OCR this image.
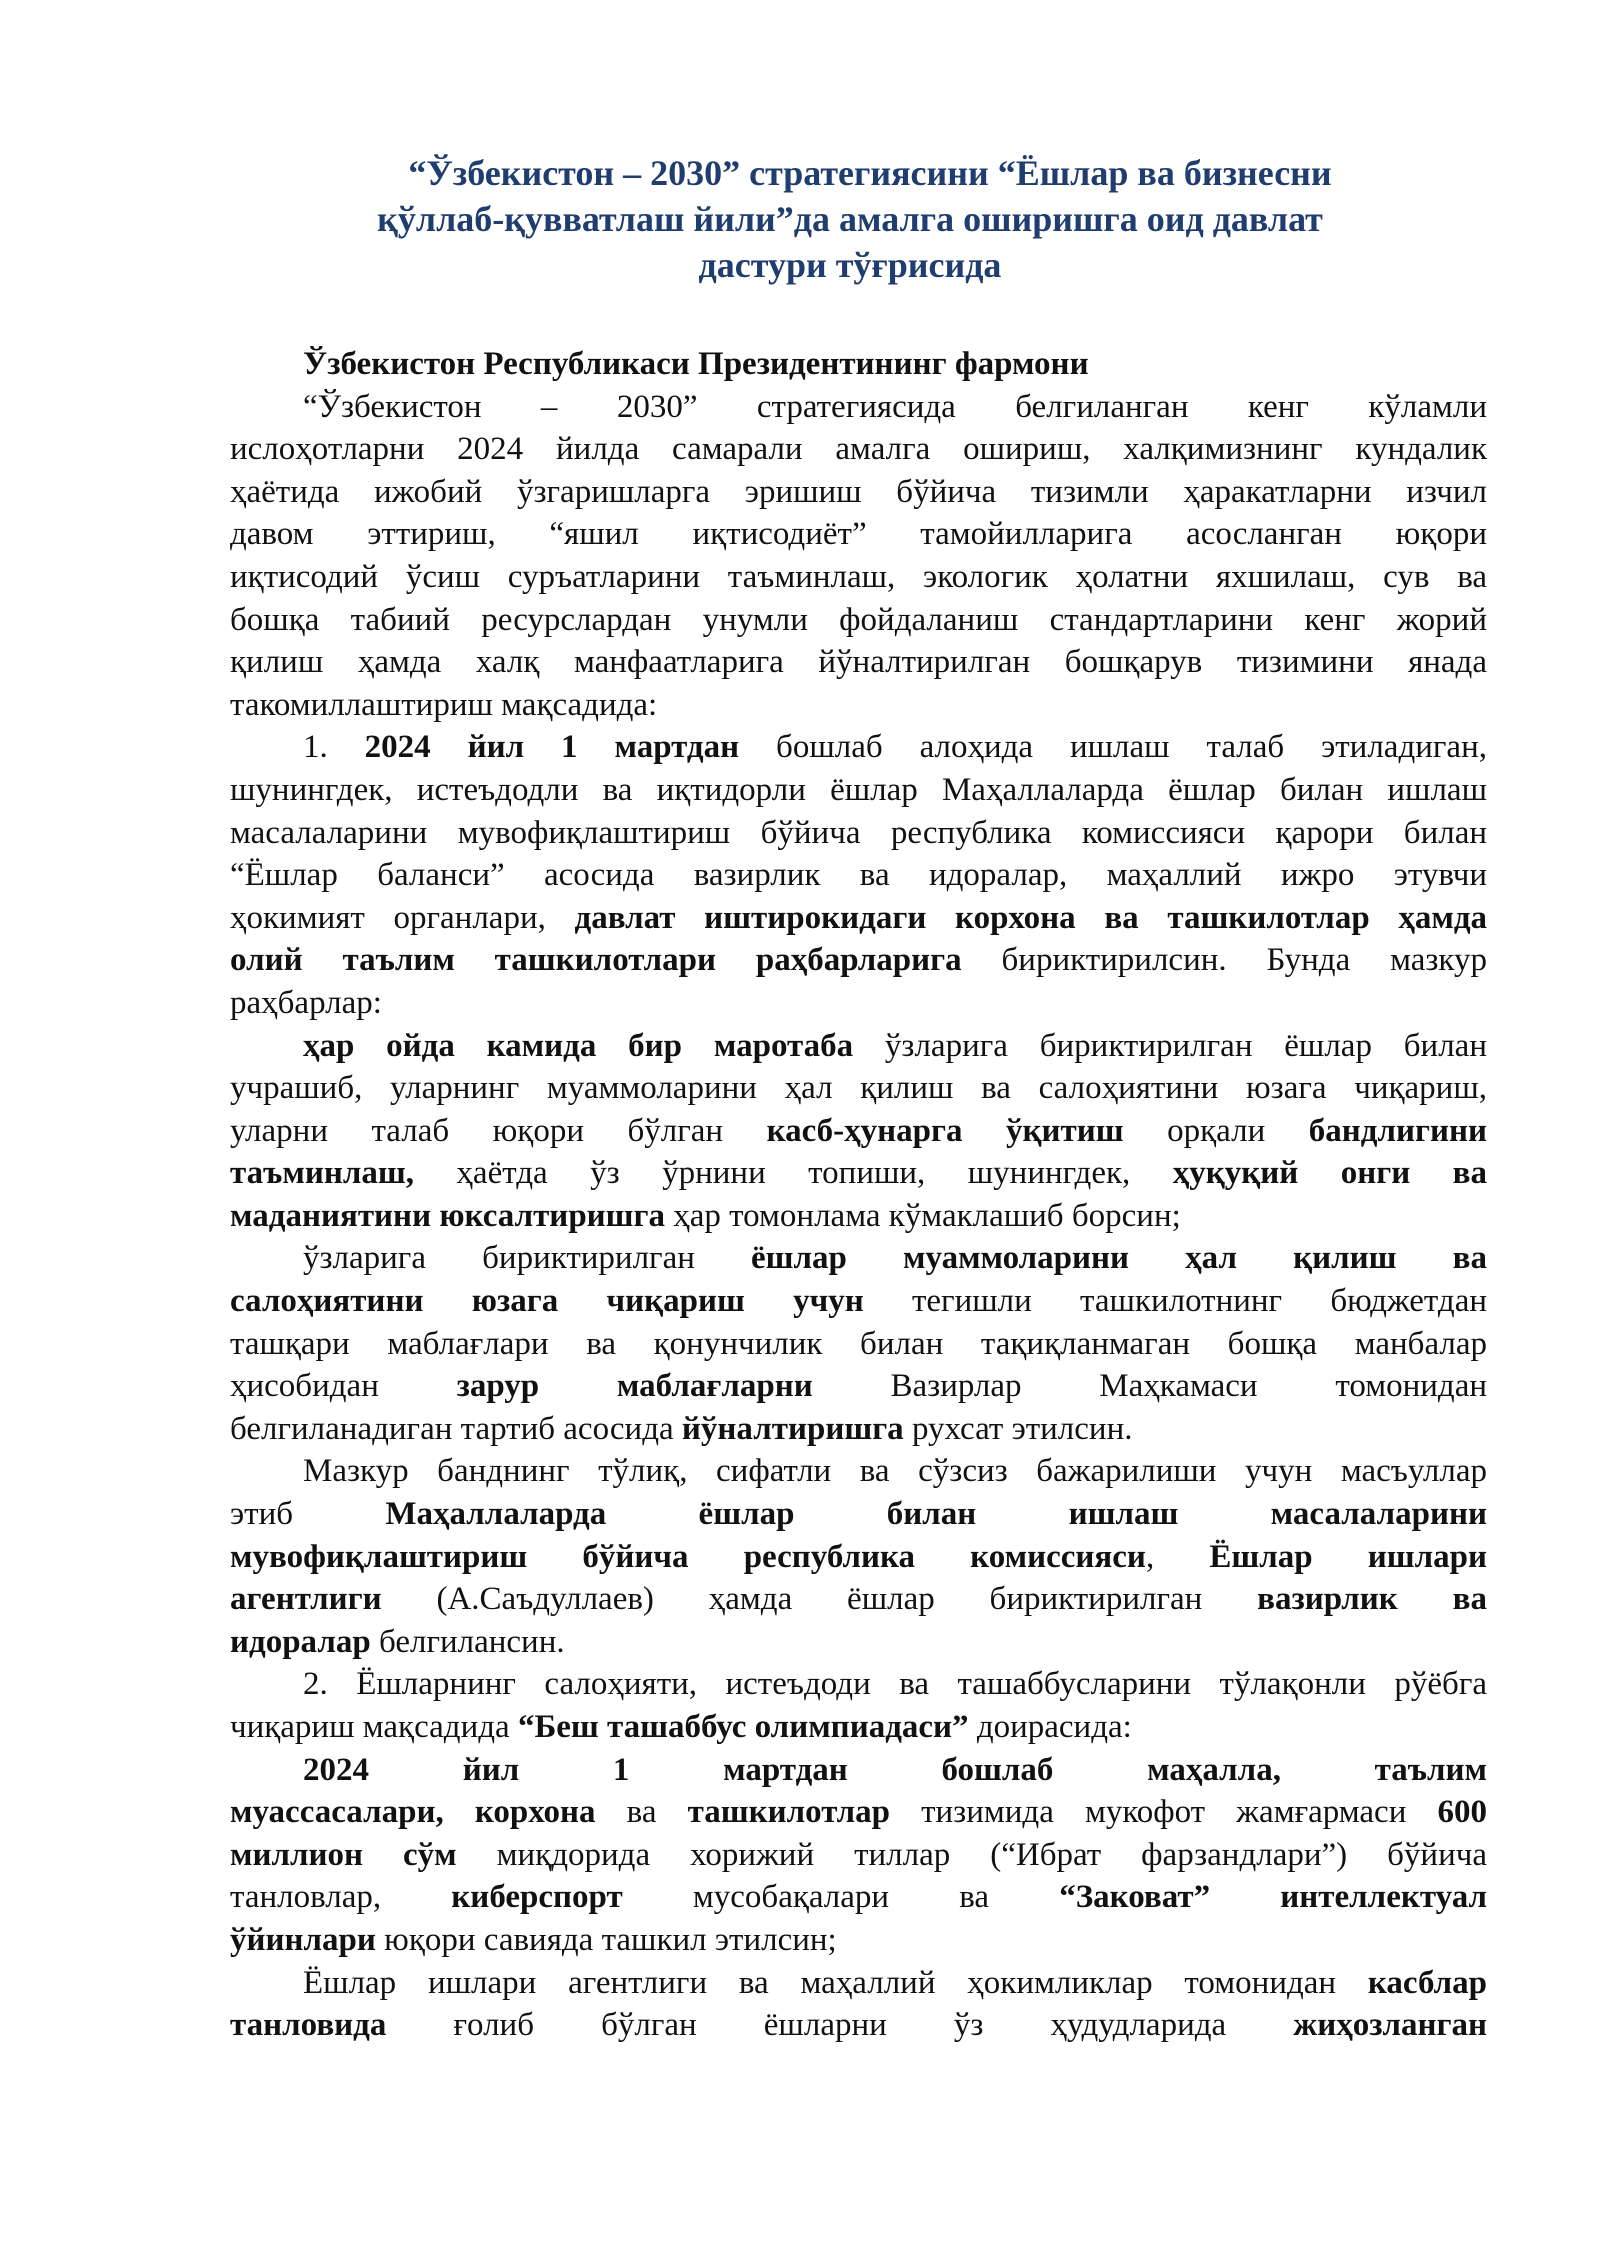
“Ўзбекистон – 2030” стратегиясини “Ёшлар ва бизнесни
қўллаб-қувватлаш йили”да амалга оширишга оид давлат
дастури тўғрисида
Ўзбекистон Республикаси Президентининг фармони
“Ўзбекистон – 2030” стратегиясида белгиланган кенг кўламли
ислоҳотларни 2024 йилда самарали амалга ошириш, халқимизнинг кундалик
ҳаётида ижобий ўзгаришларга эришиш бўйича тизимли ҳаракатларни изчил
давом эттириш, “яшил иқтисодиёт” тамойилларига асосланган юқори
иқтисодий ўсиш суръатларини таъминлаш, экологик ҳолатни яхшилаш, сув ва
бошқа табиий ресурслардан унумли фойдаланиш стандартларини кенг жорий
қилиш ҳамда халқ манфаатларига йўналтирилган бошқарув тизимини янада
такомиллаштириш мақсадида:
1. 2024 йил 1 мартдан бошлаб алоҳида ишлаш талаб этиладиган,
шунингдек, истеъдодли ва иқтидорли ёшлар Маҳаллаларда ёшлар билан ишлаш
масалаларини мувофиқлаштириш бўйича республика комиссияси қарори билан
“Ёшлар баланси” асосида вазирлик ва идоралар, маҳаллий ижро этувчи
ҳокимият органлари, давлат иштирокидаги корхона ва ташкилотлар ҳамда
олий таълим ташкилотлари раҳбарларига бириктирилсин. Бунда мазкур
раҳбарлар:
ҳар ойда камида бир маротаба ўзларига бириктирилган ёшлар билан
учрашиб, уларнинг муаммоларини ҳал қилиш ва салоҳиятини юзага чиқариш,
уларни талаб юқори бўлган касб-ҳунарга ўқитиш орқали бандлигини
таъминлаш, ҳаётда ўз ўрнини топиши, шунингдек, ҳуқуқий онги ва
маданиятини юксалтиришга ҳар томонлама кўмаклашиб борсин;
ўзларига бириктирилган ёшлар муаммоларини ҳал қилиш ва
салоҳиятини юзага чиқариш учун тегишли ташкилотнинг бюджетдан
ташқари маблағлари ва қонунчилик билан тақиқланмаган бошқа манбалар
ҳисобидан зарур маблағларни Вазирлар Маҳкамаси томонидан
белгиланадиган тартиб асосида йўналтиришга рухсат этилсин.
Мазкур банднинг тўлиқ, сифатли ва сўзсиз бажарилиши учун масъуллар
этиб Маҳаллаларда ёшлар билан ишлаш масалаларини
мувофиқлаштириш бўйича республика комиссияси, Ёшлар ишлари
агентлиги (А.Саъдуллаев) ҳамда ёшлар бириктирилган вазирлик ва
идоралар белгилансин.
2. Ёшларнинг салоҳияти, истеъдоди ва ташаббусларини тўлақонли рўёбга
чиқариш мақсадида “Беш ташаббус олимпиадаси” доирасида:
2024 йил 1 мартдан бошлаб маҳалла, таълим
муассасалари, корхона ва ташкилотлар тизимида мукофот жамғармаси 600
миллион сўм миқдорида хорижий тиллар (“Ибрат фарзандлари”) бўйича
танловлар, киберспорт мусобақалари ва “Заковат” интеллектуал
ўйинлари юқори савияда ташкил этилсин;
Ёшлар ишлари агентлиги ва маҳаллий ҳокимликлар томонидан касблар
танловида ғолиб бўлган ёшларни ўз ҳудудларида жиҳозланган
